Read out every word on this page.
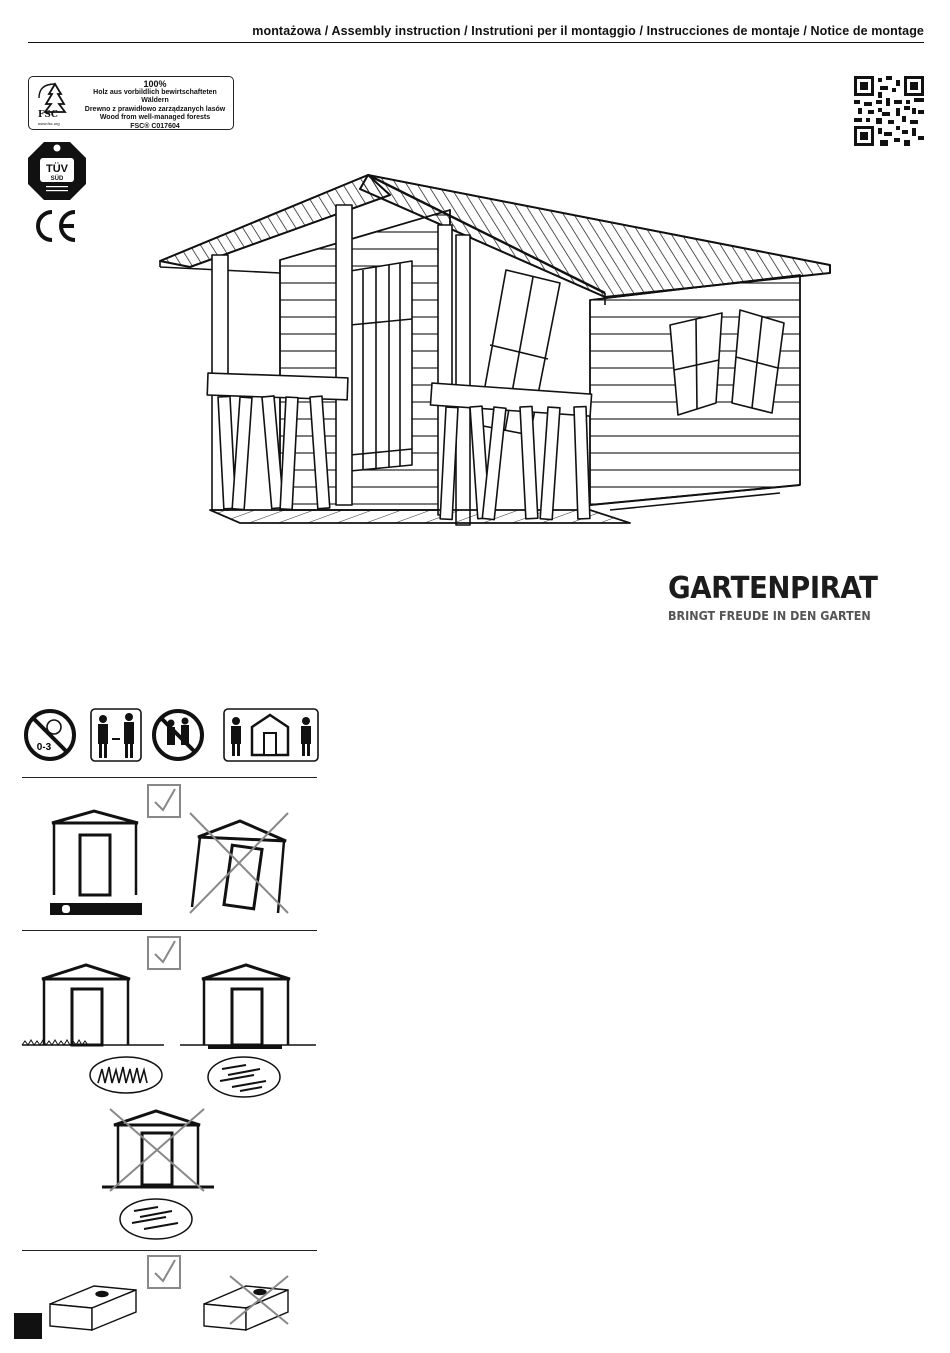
montażowa / Assembly instruction / Instrutioni per il montaggio / Instrucciones de montaje / Notice de montage
FSC
www.fsc.org
100%
Holz aus vorbildlich bewirtschafteten Wäldern
Drewno z prawidłowo zarządzanych lasów
Wood from well-managed forests
FSC® C017604
TÜV
SÜD
GARTENPIRAT
BRINGT FREUDE IN DEN GARTEN
0-3
